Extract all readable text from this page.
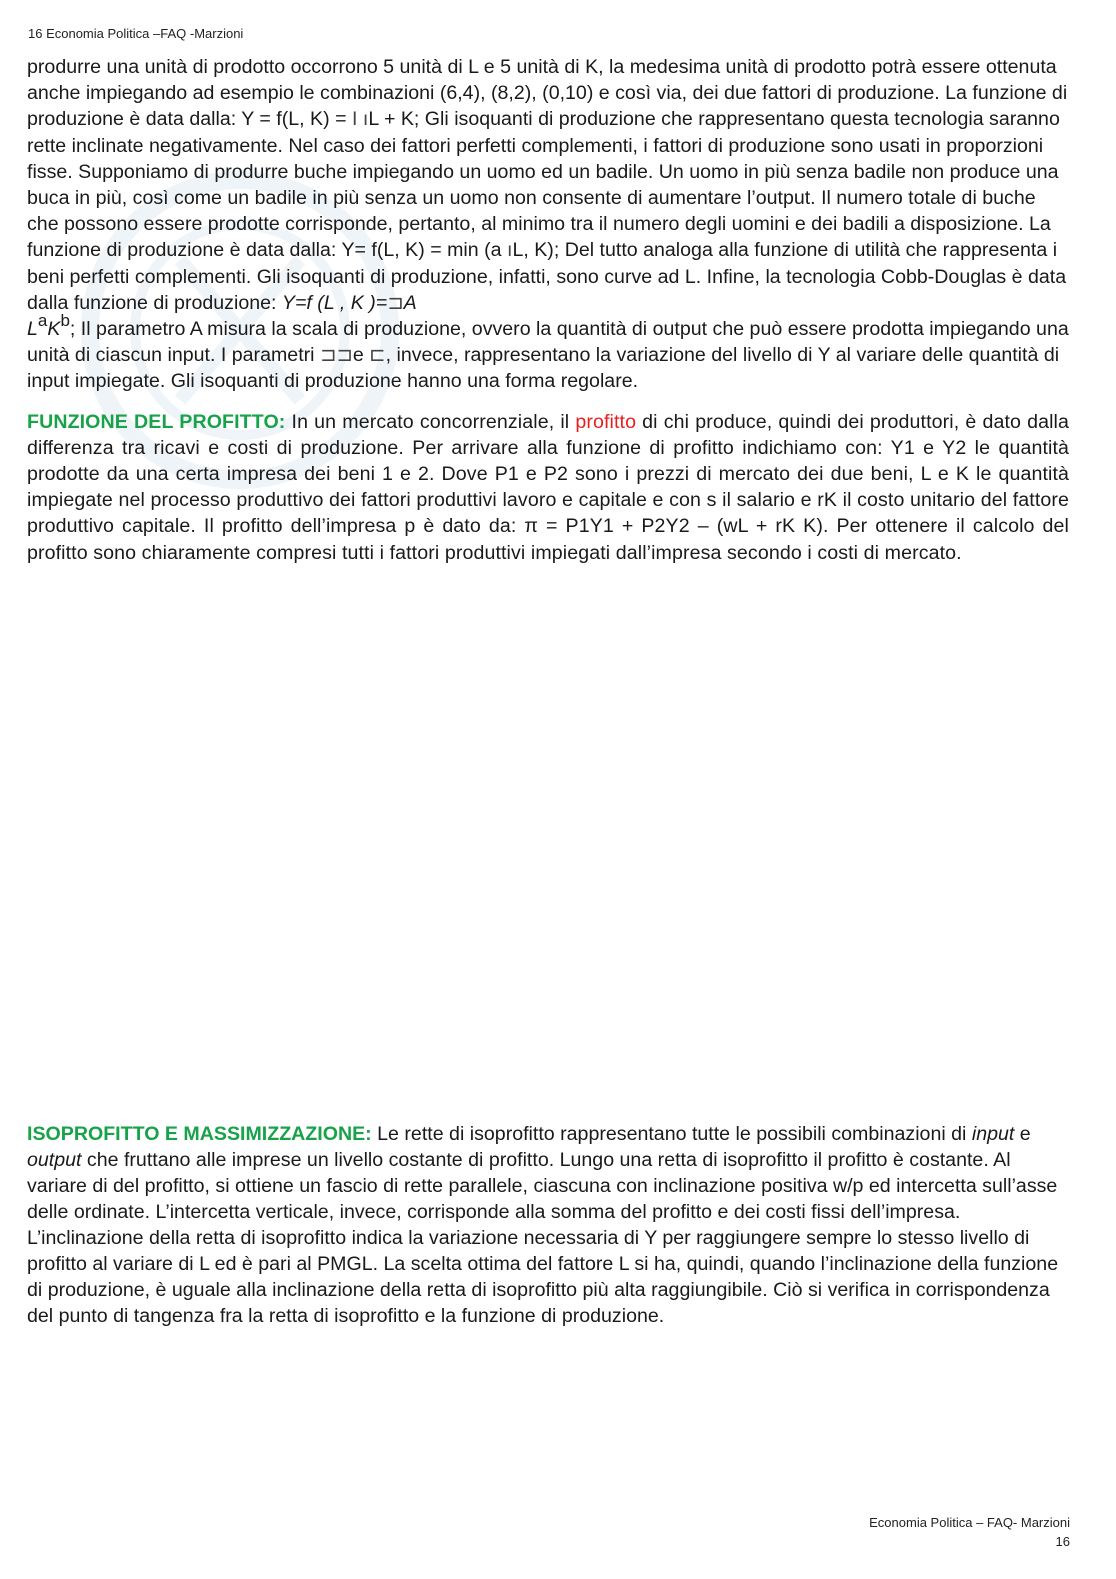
16 Economia Politica –FAQ -Marzioni

produrre una unità di prodotto occorrono 5 unità di L e 5 unità di K, la medesima unità di prodotto potrà essere ottenuta anche impiegando ad esempio le combinazioni (6,4), (8,2), (0,10) e così via, dei due fattori di produzione. La funzione di produzione è data dalla: Y = f(L, K) = Ι ıL + K; Gli isoquanti di produzione che rappresentano questa tecnologia saranno rette inclinate negativamente. Nel caso dei fattori perfetti complementi, i fattori di produzione sono usati in proporzioni fisse. Supponiamo di produrre buche impiegando un uomo ed un badile. Un uomo in più senza badile non produce una buca in più, così come un badile in più senza un uomo non consente di aumentare l’output. Il numero totale di buche che possono essere prodotte corrisponde, pertanto, al minimo tra il numero degli uomini e dei badili a disposizione. La funzione di produzione è data dalla: Y= f(L, K) = min (a ıL, K); Del tutto analoga alla funzione di utilità che rappresenta i beni perfetti complementi. Gli isoquanti di produzione, infatti, sono curve ad L. Infine, la tecnologia Cobb-Douglas è data dalla funzione di produzione: Y=f (L , K )=⊐A
LaKb; Il parametro A misura la scala di produzione, ovvero la quantità di output che può essere prodotta impiegando una unità di ciascun input. I parametri ⊐⊐e ⊏, invece, rappresentano la variazione del livello di Y al variare delle quantità di input impiegate. Gli isoquanti di produzione hanno una forma regolare.

FUNZIONE DEL PROFITTO: In un mercato concorrenziale, il profitto di chi produce, quindi dei produttori, è dato dalla differenza tra ricavi e costi di produzione. Per arrivare alla funzione di profitto indichiamo con: Y1 e Y2 le quantità prodotte da una certa impresa dei beni 1 e 2. Dove P1 e P2 sono i prezzi di mercato dei due beni, L e K le quantità impiegate nel processo produttivo dei fattori produttivi lavoro e capitale e con s il salario e rK il costo unitario del fattore produttivo capitale. Il profitto dell’impresa p è dato da: π = P1Y1 + P2Y2 – (wL + rK K). Per ottenere il calcolo del profitto sono chiaramente compresi tutti i fattori produttivi impiegati dall’impresa secondo i costi di mercato.

ISOPROFITTO E MASSIMIZZAZIONE: Le rette di isoprofitto rappresentano tutte le possibili combinazioni di input e output che fruttano alle imprese un livello costante di profitto. Lungo una retta di isoprofitto il profitto è costante. Al variare di del profitto, si ottiene un fascio di rette parallele, ciascuna con inclinazione positiva w/p ed intercetta sull’asse delle ordinate. L’intercetta verticale, invece, corrisponde alla somma del profitto e dei costi fissi dell’impresa. L’inclinazione della retta di isoprofitto indica la variazione necessaria di Y per raggiungere sempre lo stesso livello di profitto al variare di L ed è pari al PMGL. La scelta ottima del fattore L si ha, quindi, quando l’inclinazione della funzione di produzione, è uguale alla inclinazione della retta di isoprofitto più alta raggiungibile. Ciò si verifica in corrispondenza del punto di tangenza fra la retta di isoprofitto e la funzione di produzione.

Economia Politica – FAQ- Marzioni
16
